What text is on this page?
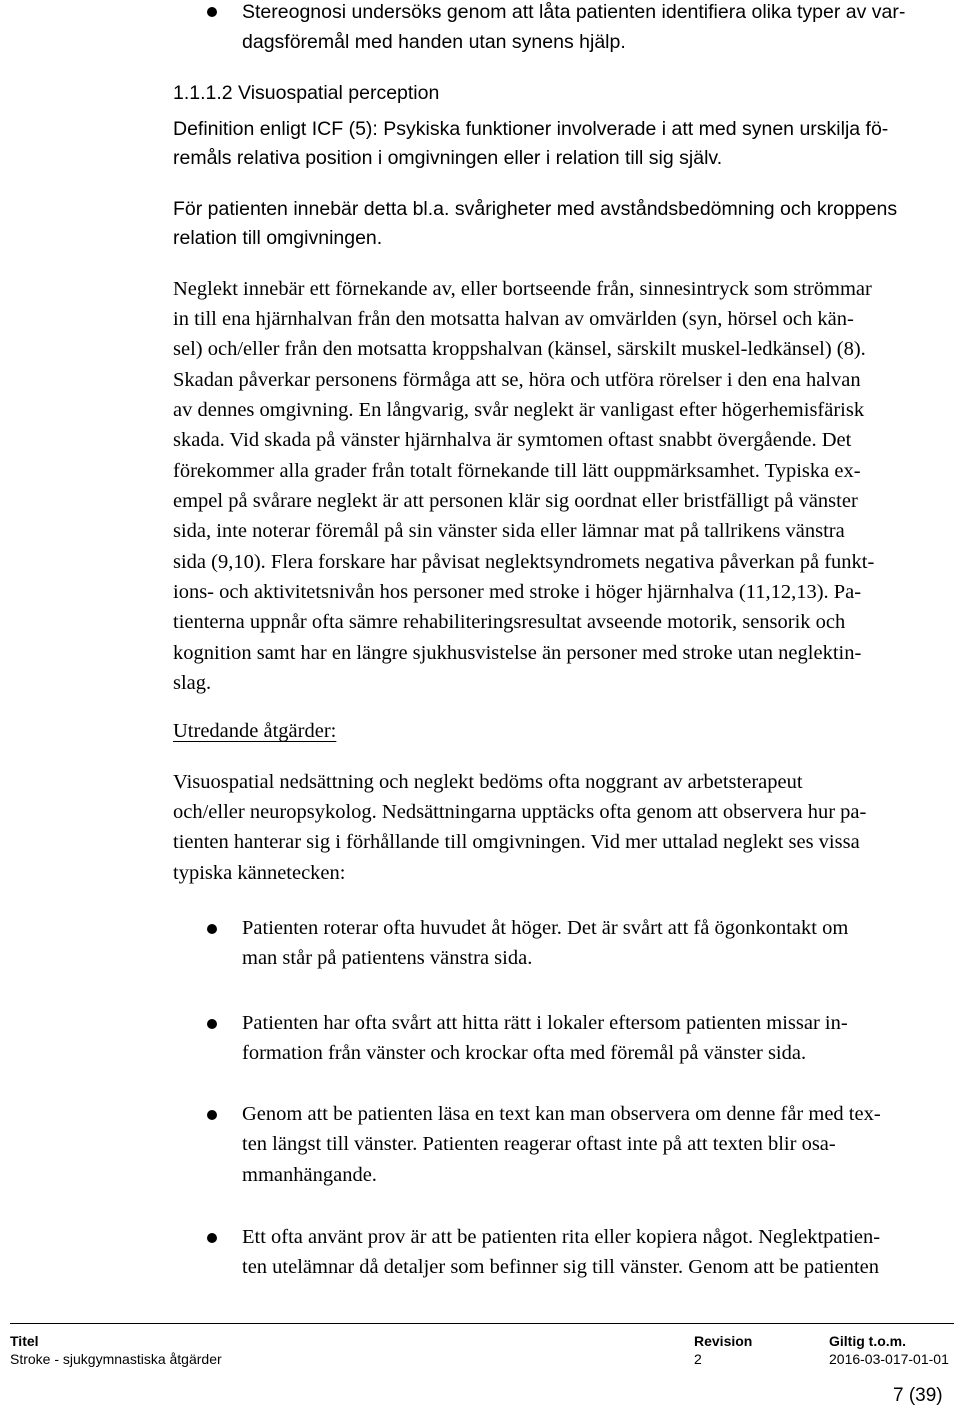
Stereognosi undersöks genom att låta patienten identifiera olika typer av var-
dagsföremål med handen utan synens hjälp.
1.1.1.2 Visuospatial perception
Definition enligt ICF (5): Psykiska funktioner involverade i att med synen urskilja fö-
remåls relativa position i omgivningen eller i relation till sig själv.
För patienten innebär detta bl.a. svårigheter med avståndsbedömning och kroppens
relation till omgivningen.
Neglekt innebär ett förnekande av, eller bortseende från, sinnesintryck som strömmar
in till ena hjärnhalvan från den motsatta halvan av omvärlden (syn, hörsel och kän-
sel) och/eller från den motsatta kroppshalvan (känsel, särskilt muskel-ledkänsel) (8).
Skadan påverkar personens förmåga att se, höra och utföra rörelser i den ena halvan
av dennes omgivning. En långvarig, svår neglekt är vanligast efter högerhemisfärisk
skada. Vid skada på vänster hjärnhalva är symtomen oftast snabbt övergående. Det
förekommer alla grader från totalt förnekande till lätt ouppmärksamhet. Typiska ex-
empel på svårare neglekt är att personen klär sig oordnat eller bristfälligt på vänster
sida, inte noterar föremål på sin vänster sida eller lämnar mat på tallrikens vänstra
sida (9,10). Flera forskare har påvisat neglektsyndromets negativa påverkan på funkt-
ions- och aktivitetsnivån hos personer med stroke i höger hjärnhalva (11,12,13). Pa-
tienterna uppnår ofta sämre rehabiliteringsresultat avseende motorik, sensorik och
kognition samt har en längre sjukhusvistelse än personer med stroke utan neglektin-
slag.
Utredande åtgärder:
Visuospatial nedsättning och neglekt bedöms ofta noggrant av arbetsterapeut
och/eller neuropsykolog. Nedsättningarna upptäcks ofta genom att observera hur pa-
tienten hanterar sig i förhållande till omgivningen. Vid mer uttalad neglekt ses vissa
typiska kännetecken:
Patienten roterar ofta huvudet åt höger. Det är svårt att få ögonkontakt om
man står på patientens vänstra sida.
Patienten har ofta svårt att hitta rätt i lokaler eftersom patienten missar in-
formation från vänster och krockar ofta med föremål på vänster sida.
Genom att be patienten läsa en text kan man observera om denne får med tex-
ten längst till vänster. Patienten reagerar oftast inte på att texten blir osa-
mmanhängande.
Ett ofta använt prov är att be patienten rita eller kopiera något. Neglektpatien-
ten utelämnar då detaljer som befinner sig till vänster. Genom att be patienten
Titel
Stroke - sjukgymnastiska åtgärder
Revision
2
Giltig t.o.m.
2016-03-017-01-01
7 (39)
